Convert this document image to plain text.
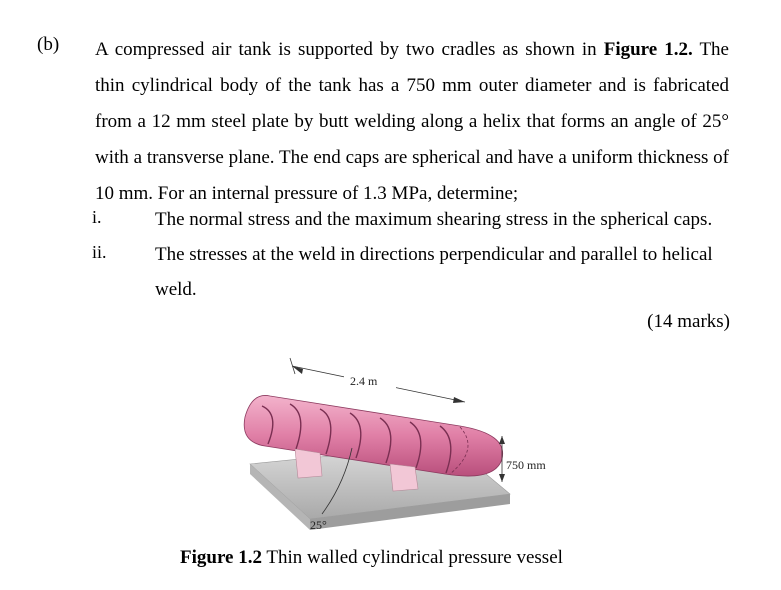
(b) A compressed air tank is supported by two cradles as shown in Figure 1.2. The thin cylindrical body of the tank has a 750 mm outer diameter and is fabricated from a 12 mm steel plate by butt welding along a helix that forms an angle of 25° with a transverse plane. The end caps are spherical and have a uniform thickness of 10 mm. For an internal pressure of 1.3 MPa, determine;
i.	The normal stress and the maximum shearing stress in the spherical caps.
ii.	The stresses at the weld in directions perpendicular and parallel to helical weld.
(14 marks)
2.4 m
750 mm
25°
Figure 1.2 Thin walled cylindrical pressure vessel
